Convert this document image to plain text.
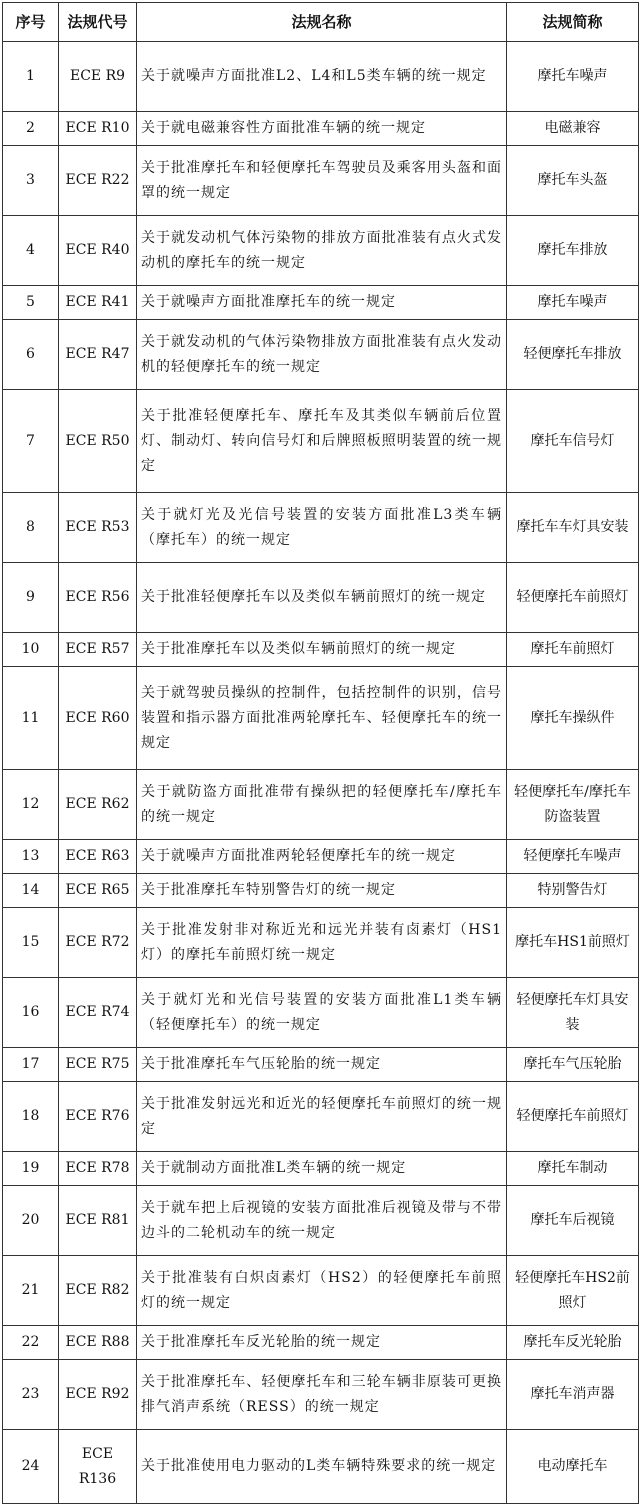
序号	法规代号	法规名称	法规简称
1	ECE R9	关于就噪声方面批准L2、L4和L5类车辆的统一规定	摩托车噪声
2	ECE R10	关于就电磁兼容性方面批准车辆的统一规定	电磁兼容
3	ECE R22	关于批准摩托车和轻便摩托车驾驶员及乘客用头盔和面罩的统一规定	摩托车头盔
4	ECE R40	关于就发动机气体污染物的排放方面批准装有点火式发动机的摩托车的统一规定	摩托车排放
5	ECE R41	关于就噪声方面批准摩托车的统一规定	摩托车噪声
6	ECE R47	关于就发动机的气体污染物排放方面批准装有点火发动机的轻便摩托车的统一规定	轻便摩托车排放
7	ECE R50	关于批准轻便摩托车、摩托车及其类似车辆前后位置灯、制动灯、转向信号灯和后牌照板照明装置的统一规定	摩托车信号灯
8	ECE R53	关于就灯光及光信号装置的安装方面批准L3类车辆（摩托车）的统一规定	摩托车车灯具安装
9	ECE R56	关于批准轻便摩托车以及类似车辆前照灯的统一规定	轻便摩托车前照灯
10	ECE R57	关于批准摩托车以及类似车辆前照灯的统一规定	摩托车前照灯
11	ECE R60	关于就驾驶员操纵的控制件，包括控制件的识别，信号装置和指示器方面批准两轮摩托车、轻便摩托车的统一规定	摩托车操纵件
12	ECE R62	关于就防盗方面批准带有操纵把的轻便摩托车/摩托车的统一规定	轻便摩托车/摩托车防盗装置
13	ECE R63	关于就噪声方面批准两轮轻便摩托车的统一规定	轻便摩托车噪声
14	ECE R65	关于批准摩托车特别警告灯的统一规定	特别警告灯
15	ECE R72	关于批准发射非对称近光和远光并装有卤素灯（HS1灯）的摩托车前照灯统一规定	摩托车HS1前照灯
16	ECE R74	关于就灯光和光信号装置的安装方面批准L1类车辆（轻便摩托车）的统一规定	轻便摩托车灯具安装
17	ECE R75	关于批准摩托车气压轮胎的统一规定	摩托车气压轮胎
18	ECE R76	关于批准发射远光和近光的轻便摩托车前照灯的统一规定	轻便摩托车前照灯
19	ECE R78	关于就制动方面批准L类车辆的统一规定	摩托车制动
20	ECE R81	关于就车把上后视镜的安装方面批准后视镜及带与不带边斗的二轮机动车的统一规定	摩托车后视镜
21	ECE R82	关于批准装有白炽卤素灯（HS2）的轻便摩托车前照灯的统一规定	轻便摩托车HS2前照灯
22	ECE R88	关于批准摩托车反光轮胎的统一规定	摩托车反光轮胎
23	ECE R92	关于批准摩托车、轻便摩托车和三轮车辆非原装可更换排气消声系统（RESS）的统一规定	摩托车消声器
24	ECE R136	关于批准使用电力驱动的L类车辆特殊要求的统一规定	电动摩托车
